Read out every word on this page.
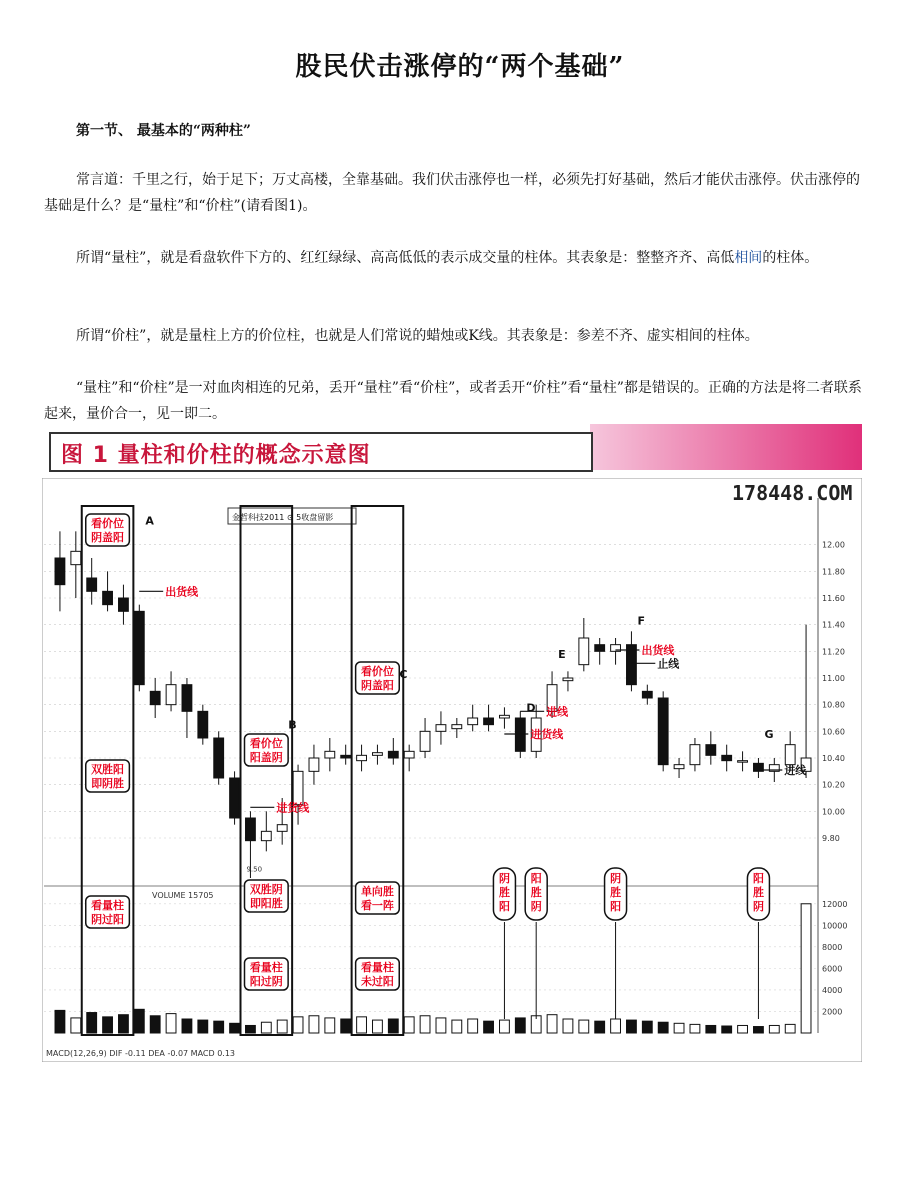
股民伏击涨停的“两个基础”
第一节、 最基本的“两种柱”

常言道：千里之行，始于足下；万丈高楼，全靠基础。我们伏击涨停也一样，必须先打好基础，然后才能伏击涨停。伏击涨停的基础是什么？是“量柱”和“价柱”(请看图1)。

所谓“量柱”，就是看盘软件下方的、红红绿绿、高高低低的表示成交量的柱体。其表象是：整整齐齐、高低相间的柱体。

所谓“价柱”，就是量柱上方的价位柱，也就是人们常说的蜡烛或K线。其表象是：参差不齐、虚实相间的柱体。

“量柱”和“价柱”是一对血肉相连的兄弟，丢开“量柱”看“价柱”，或者丢开“价柱”看“量柱”都是错误的。正确的方法是将二者联系起来，量价合一，见一即二。

图 1 量柱和价柱的概念示意图
12.00
11.80
11.60
11.40
11.20
11.00
10.80
10.60
10.40
10.20
10.00
9.80
12000
10000
8000
6000
4000
2000
VOLUME 15705
MACD(12,26,9) DIF -0.11 DEA -0.07 MACD 0.13
178448.COM
金哲科技2011 ⊙ 5收盘留影
A
B
C
D
E
F
G
看价位
阴盖阳
双胜阳
即阴胜
看量柱
阴过阳
看价位
阳盖阴
双胜阴
即阳胜
看量柱
阳过阴
看价位
阴盖阳
单向胜
看一阵
看量柱
未过阳
阴
胜
阳
阳
胜
阴
阴
胜
阳
阳
胜
阴
出货线
进货线
进货线
出货线
止线
进线
进线
9.50
